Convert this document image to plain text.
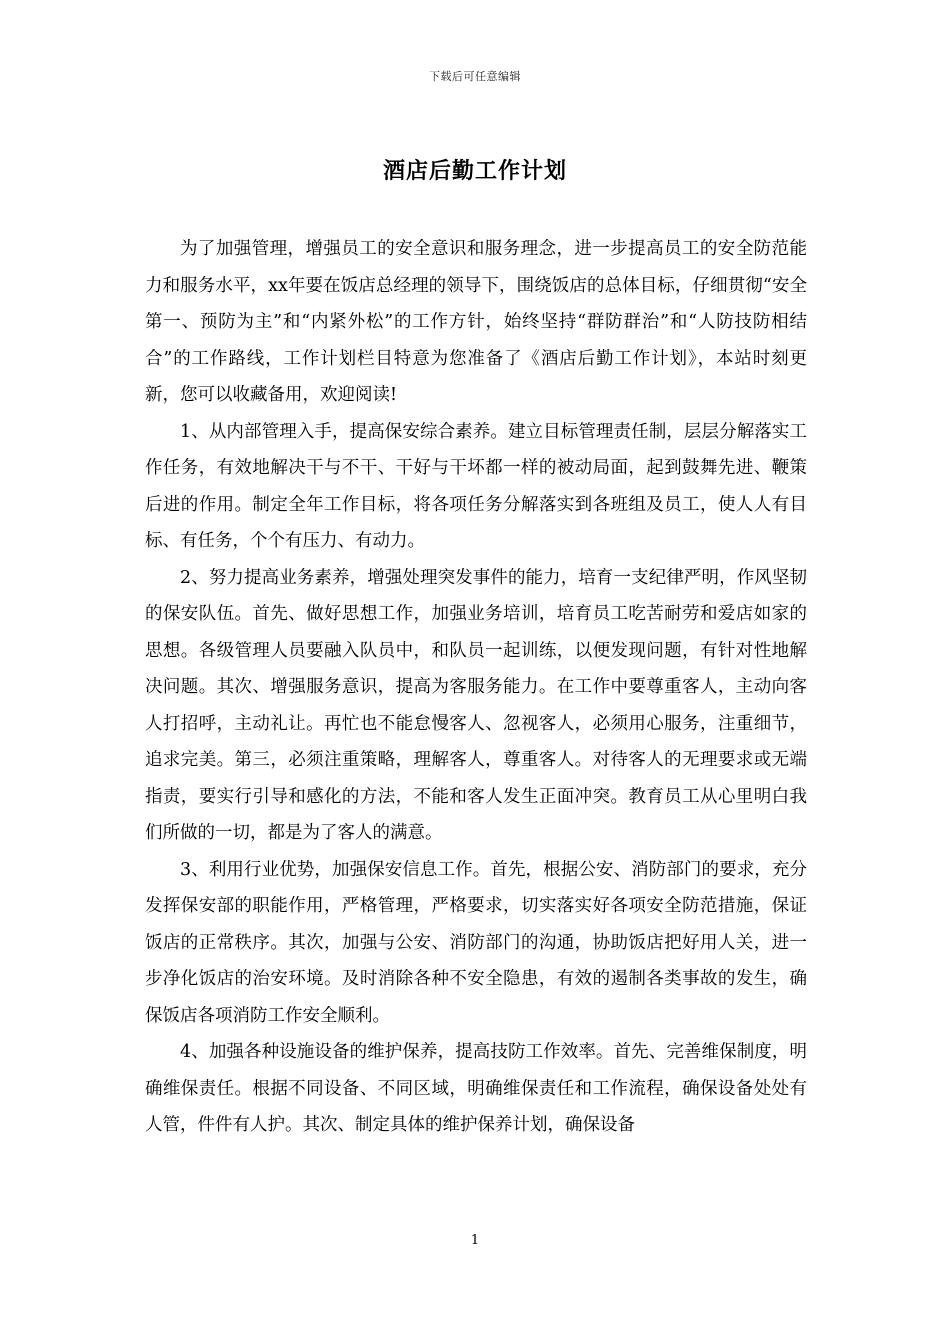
下载后可任意编辑
酒店后勤工作计划

为了加强管理，增强员工的安全意识和服务理念，进一步提高员工的安全防范能力和服务水平，xx年要在饭店总经理的领导下，围绕饭店的总体目标，仔细贯彻“安全第一、预防为主”和“内紧外松”的工作方针，始终坚持“群防群治”和“人防技防相结合”的工作路线，工作计划栏目特意为您准备了《酒店后勤工作计划》，本站时刻更新，您可以收藏备用，欢迎阅读!

1、从内部管理入手，提高保安综合素养。建立目标管理责任制，层层分解落实工作任务，有效地解决干与不干、干好与干坏都一样的被动局面，起到鼓舞先进、鞭策后进的作用。制定全年工作目标，将各项任务分解落实到各班组及员工，使人人有目标、有任务，个个有压力、有动力。

2、努力提高业务素养，增强处理突发事件的能力，培育一支纪律严明，作风坚韧的保安队伍。首先、做好思想工作，加强业务培训，培育员工吃苦耐劳和爱店如家的思想。各级管理人员要融入队员中，和队员一起训练，以便发现问题，有针对性地解决问题。其次、增强服务意识，提高为客服务能力。在工作中要尊重客人，主动向客人打招呼，主动礼让。再忙也不能怠慢客人、忽视客人，必须用心服务，注重细节，追求完美。第三，必须注重策略，理解客人，尊重客人。对待客人的无理要求或无端指责，要实行引导和感化的方法，不能和客人发生正面冲突。教育员工从心里明白我们所做的一切，都是为了客人的满意。

3、利用行业优势，加强保安信息工作。首先，根据公安、消防部门的要求，充分发挥保安部的职能作用，严格管理，严格要求，切实落实好各项安全防范措施，保证饭店的正常秩序。其次，加强与公安、消防部门的沟通，协助饭店把好用人关，进一步净化饭店的治安环境。及时消除各种不安全隐患，有效的遏制各类事故的发生，确保饭店各项消防工作安全顺利。

4、加强各种设施设备的维护保养，提高技防工作效率。首先、完善维保制度，明确维保责任。根据不同设备、不同区域，明确维保责任和工作流程，确保设备处处有人管，件件有人护。其次、制定具体的维护保养计划，确保设备

1
